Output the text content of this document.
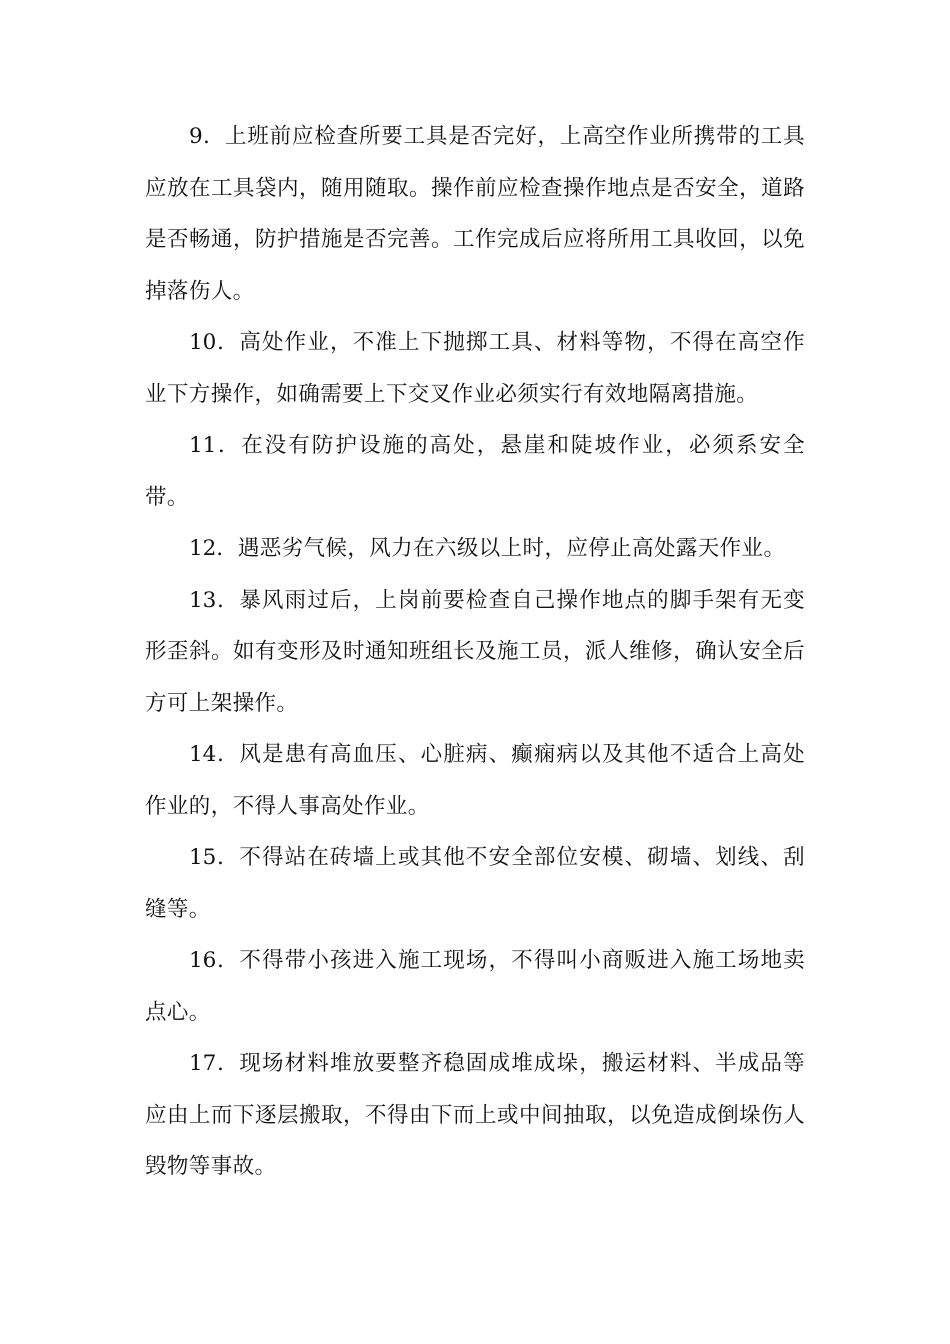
9．上班前应检查所要工具是否完好，上高空作业所携带的工具应放在工具袋内，随用随取。操作前应检查操作地点是否安全，道路是否畅通，防护措施是否完善。工作完成后应将所用工具收回，以免掉落伤人。

10．高处作业，不准上下抛掷工具、材料等物，不得在高空作业下方操作，如确需要上下交叉作业必须实行有效地隔离措施。

11．在没有防护设施的高处，悬崖和陡坡作业，必须系安全带。

12．遇恶劣气候，风力在六级以上时，应停止高处露天作业。

13．暴风雨过后，上岗前要检查自己操作地点的脚手架有无变形歪斜。如有变形及时通知班组长及施工员，派人维修，确认安全后方可上架操作。

14．风是患有高血压、心脏病、癫痫病以及其他不适合上高处作业的，不得人事高处作业。

15．不得站在砖墙上或其他不安全部位安模、砌墙、划线、刮缝等。

16．不得带小孩进入施工现场，不得叫小商贩进入施工场地卖点心。

17．现场材料堆放要整齐稳固成堆成垛，搬运材料、半成品等应由上而下逐层搬取，不得由下而上或中间抽取，以免造成倒垛伤人毁物等事故。
